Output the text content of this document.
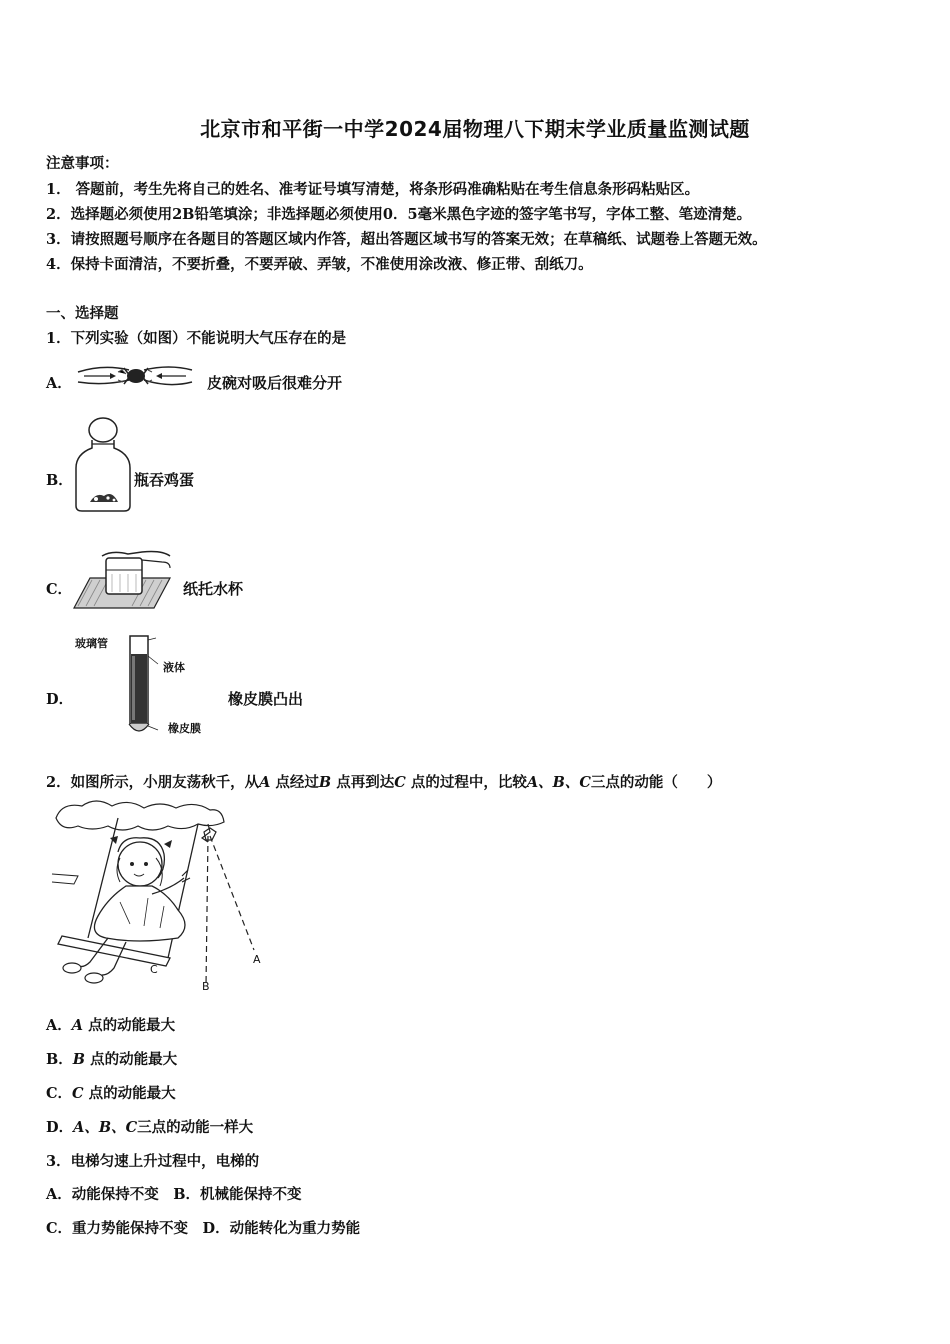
北京市和平街一中学2024届物理八下期末学业质量监测试题
注意事项：
1． 答题前，考生先将自己的姓名、准考证号填写清楚，将条形码准确粘贴在考生信息条形码粘贴区。
2．选择题必须使用2B铅笔填涂；非选择题必须使用0．5毫米黑色字迹的签字笔书写，字体工整、笔迹清楚。
3．请按照题号顺序在各题目的答题区域内作答，超出答题区域书写的答案无效；在草稿纸、试题卷上答题无效。
4．保持卡面清洁，不要折叠，不要弄破、弄皱，不准使用涂改液、修正带、刮纸刀。
一、选择题
1．下列实验（如图）不能说明大气压存在的是
A．	皮碗对吸后很难分开
B．	瓶吞鸡蛋
C．	纸托水杯
D．
玻璃管
液体
橡皮膜
橡皮膜凸出
2．如图所示，小朋友荡秋千，从A 点经过B 点再到达C 点的过程中，比较A、B、C三点的动能（　　）
A
B
C
A．A 点的动能最大
B．B 点的动能最大
C．C 点的动能最大
D．A、B、C三点的动能一样大
3．电梯匀速上升过程中，电梯的
A．动能保持不变　B．机械能保持不变
C．重力势能保持不变　D．动能转化为重力势能
